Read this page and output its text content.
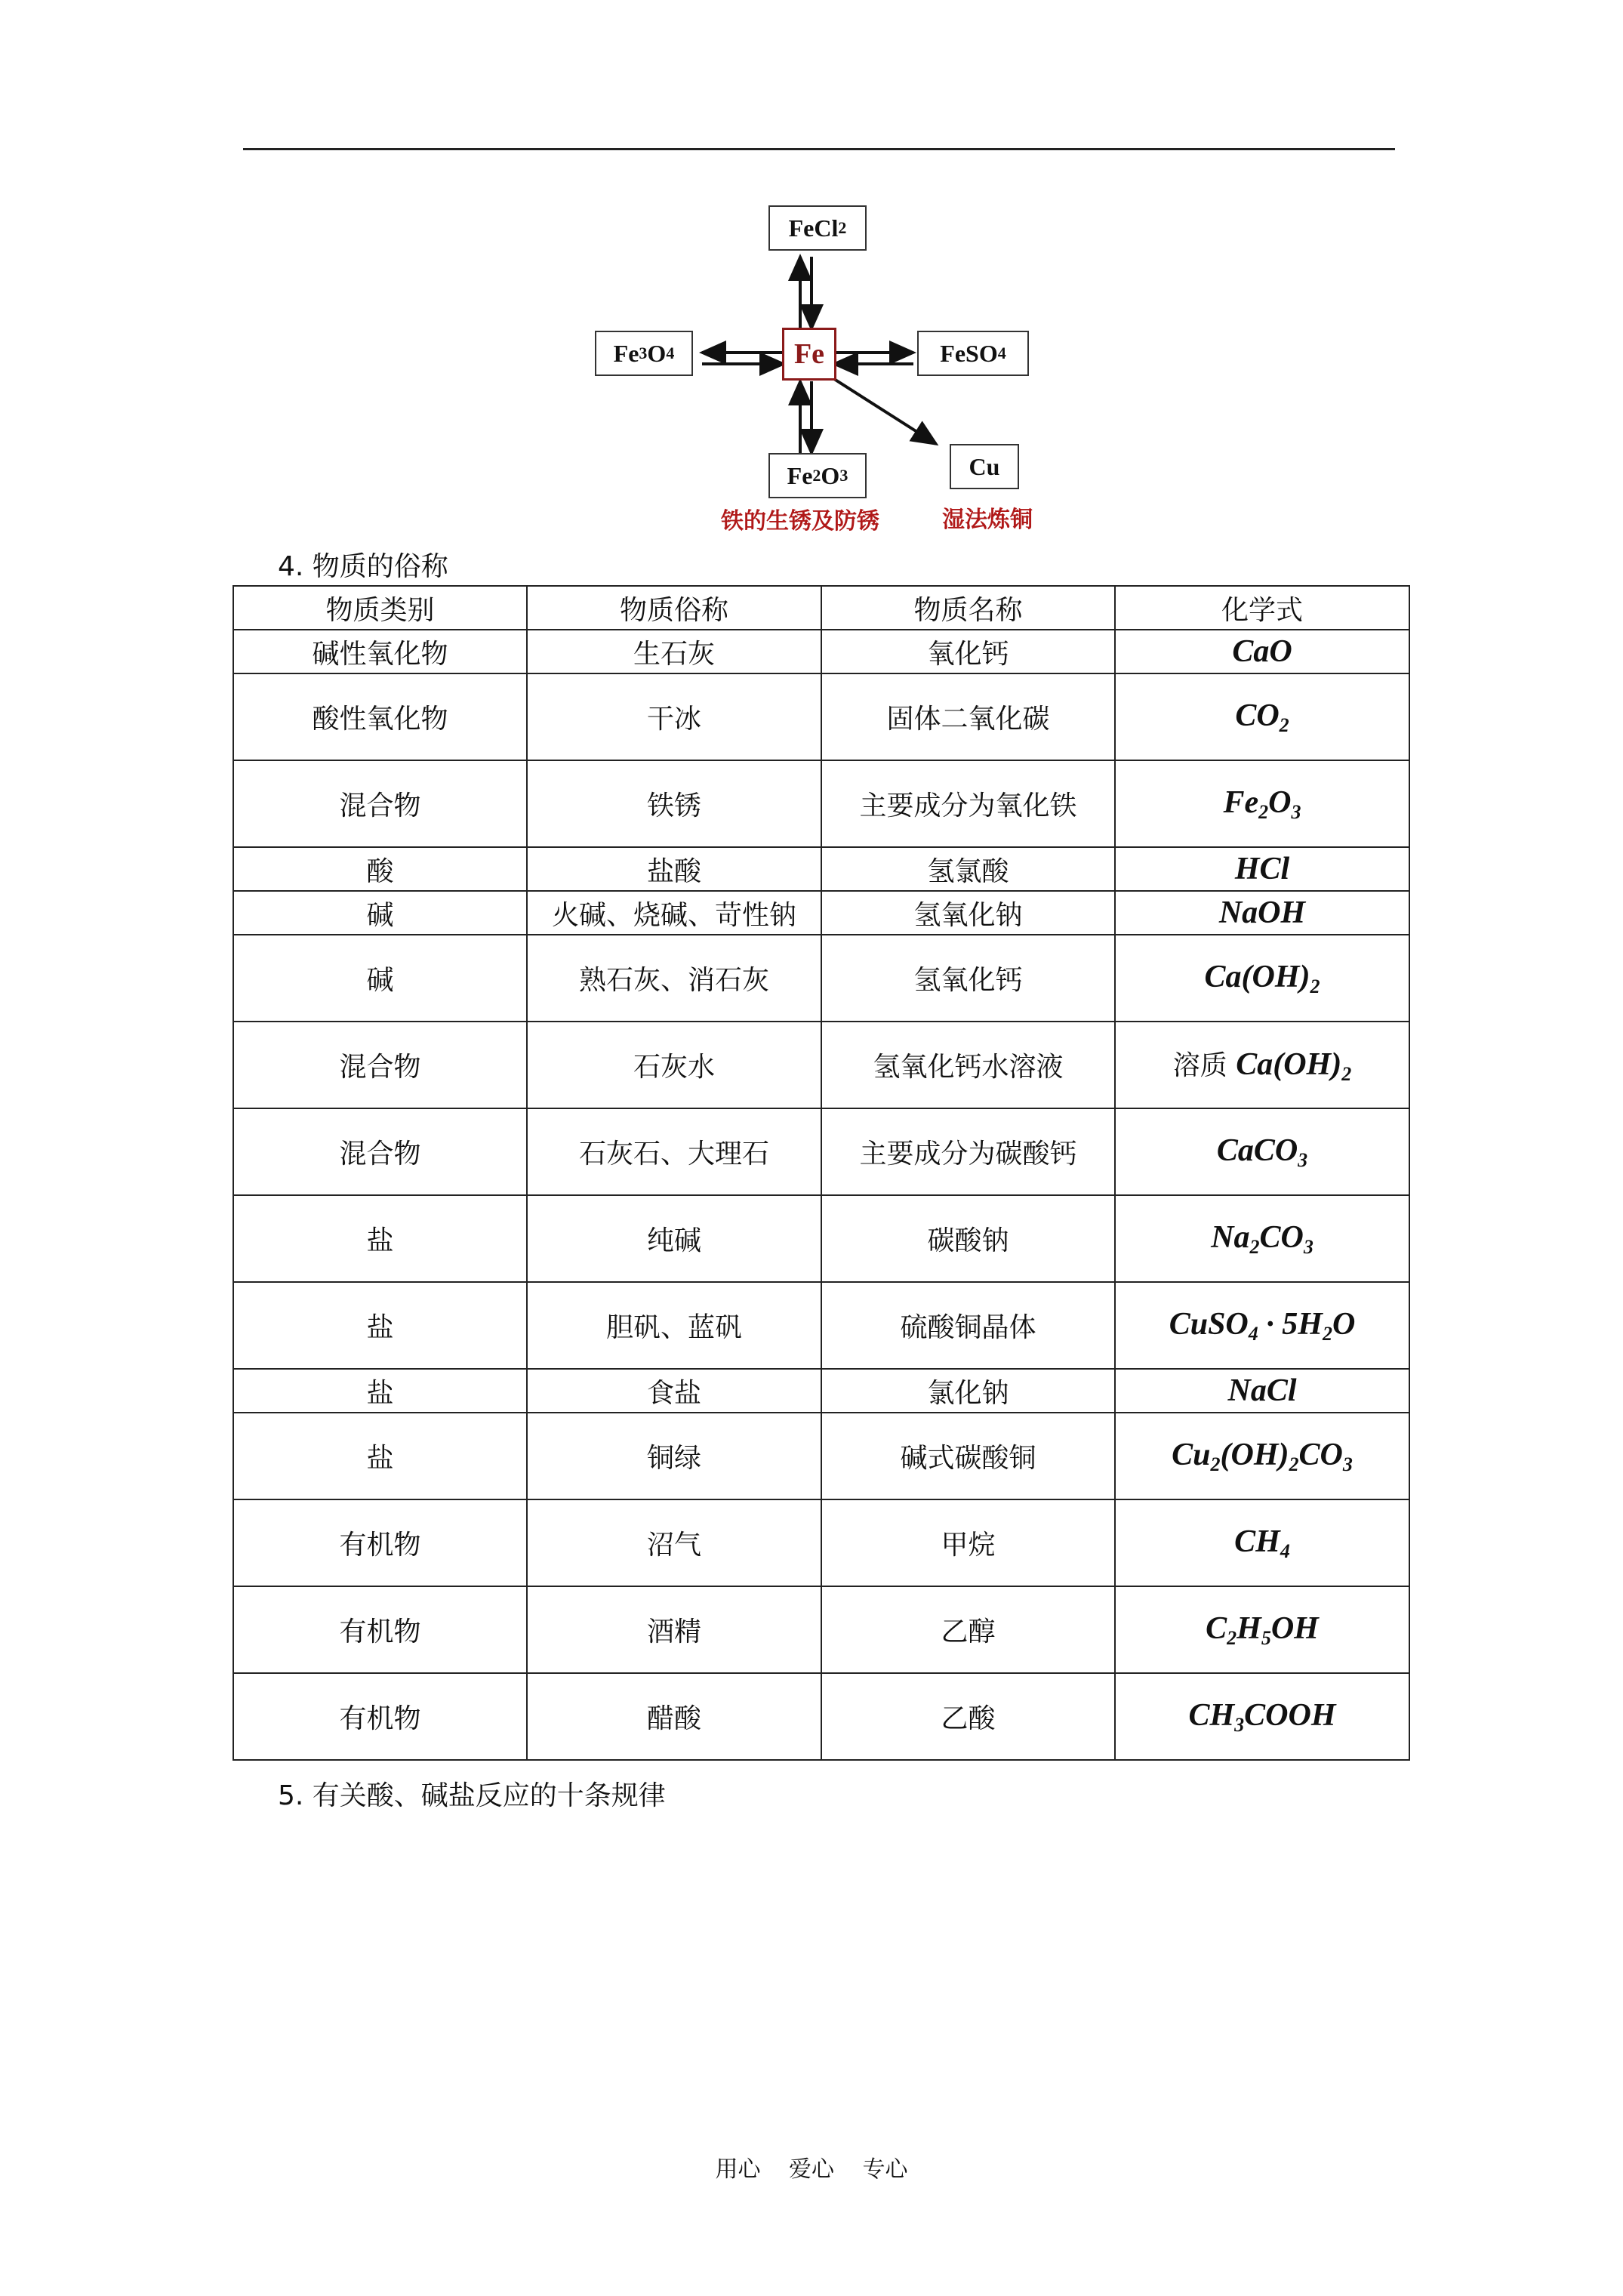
FeCl 2
Fe 3 O 4	Fe	FeSO 4
Fe 2 O 3	Cu
铁的生锈及防锈	湿法炼铜
4. 物质的俗称
物质类别	物质俗称	物质名称	化学式
碱性氧化物	生石灰	氧化钙	CaO
酸性氧化物	干冰	固体二氧化碳	$CO_2$
混合物	铁锈	主要成分为氧化铁	$Fe_2O_3$
酸	盐酸	氢氯酸	HCl
碱	火碱、烧碱、苛性钠	氢氧化钠	NaOH
碱	熟石灰、消石灰	氢氧化钙	$Ca(OH)_2$
混合物	石灰水	氢氧化钙水溶液	溶质 $Ca(OH)_2$
混合物	石灰石、大理石	主要成分为碳酸钙	CaCO$_3$
盐	纯碱	碳酸钠	$Na_2CO_3$
盐	胆矾、蓝矾	硫酸铜晶体	CuSO$_4$ · $5H_2O$
盐	食盐	氯化钠	NaCl
盐	铜绿	碱式碳酸铜	$Cu_2(OH)_2CO_3$
有机物	沼气	甲烷	$CH_4$
有机物	酒精	乙醇	$C_2H_5OH$
有机物	醋酸	乙酸	$CH_3COOH$
5. 有关酸、碱盐反应的十条规律
用心 爱心 专心
